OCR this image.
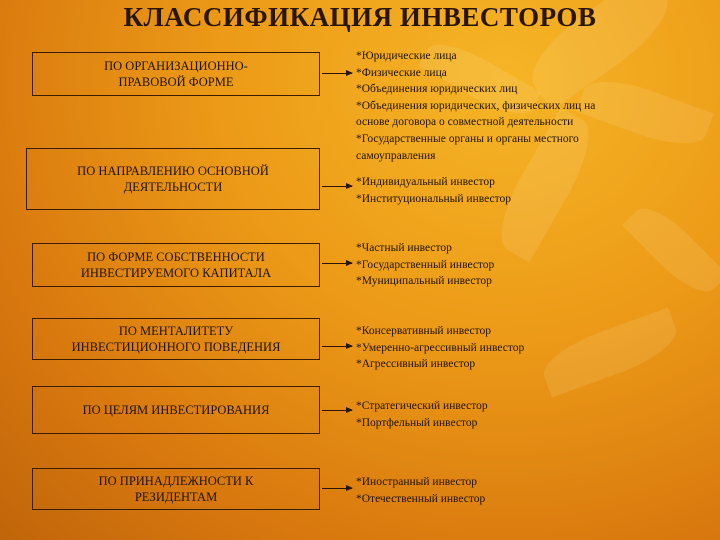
КЛАССИФИКАЦИЯ ИНВЕСТОРОВ
ПО ОРГАНИЗАЦИОННО-
ПРАВОВОЙ ФОРМЕ
*Юридические лица
*Физические лица
*Объединения юридических лиц
*Объединения юридических, физических лиц на
основе договора о совместной деятельности
*Государственные органы и органы местного
самоуправления
ПО НАПРАВЛЕНИЮ ОСНОВНОЙ
ДЕЯТЕЛЬНОСТИ	*Индивидуальный инвестор
*Институциональный инвестор
ПО ФОРМЕ СОБСТВЕННОСТИ
ИНВЕСТИРУЕМОГО КАПИТАЛА
*Частный инвестор
*Государственный инвестор
*Муниципальный инвестор
ПО МЕНТАЛИТЕТУ
ИНВЕСТИЦИОННОГО ПОВЕДЕНИЯ
*Консервативный инвестор
*Умеренно-агрессивный инвестор
*Агрессивный инвестор
ПО ЦЕЛЯМ ИНВЕСТИРОВАНИЯ	*Стратегический инвестор
*Портфельный инвестор
ПО ПРИНАДЛЕЖНОСТИ К
РЕЗИДЕНТАМ
*Иностранный инвестор
*Отечественный инвестор
